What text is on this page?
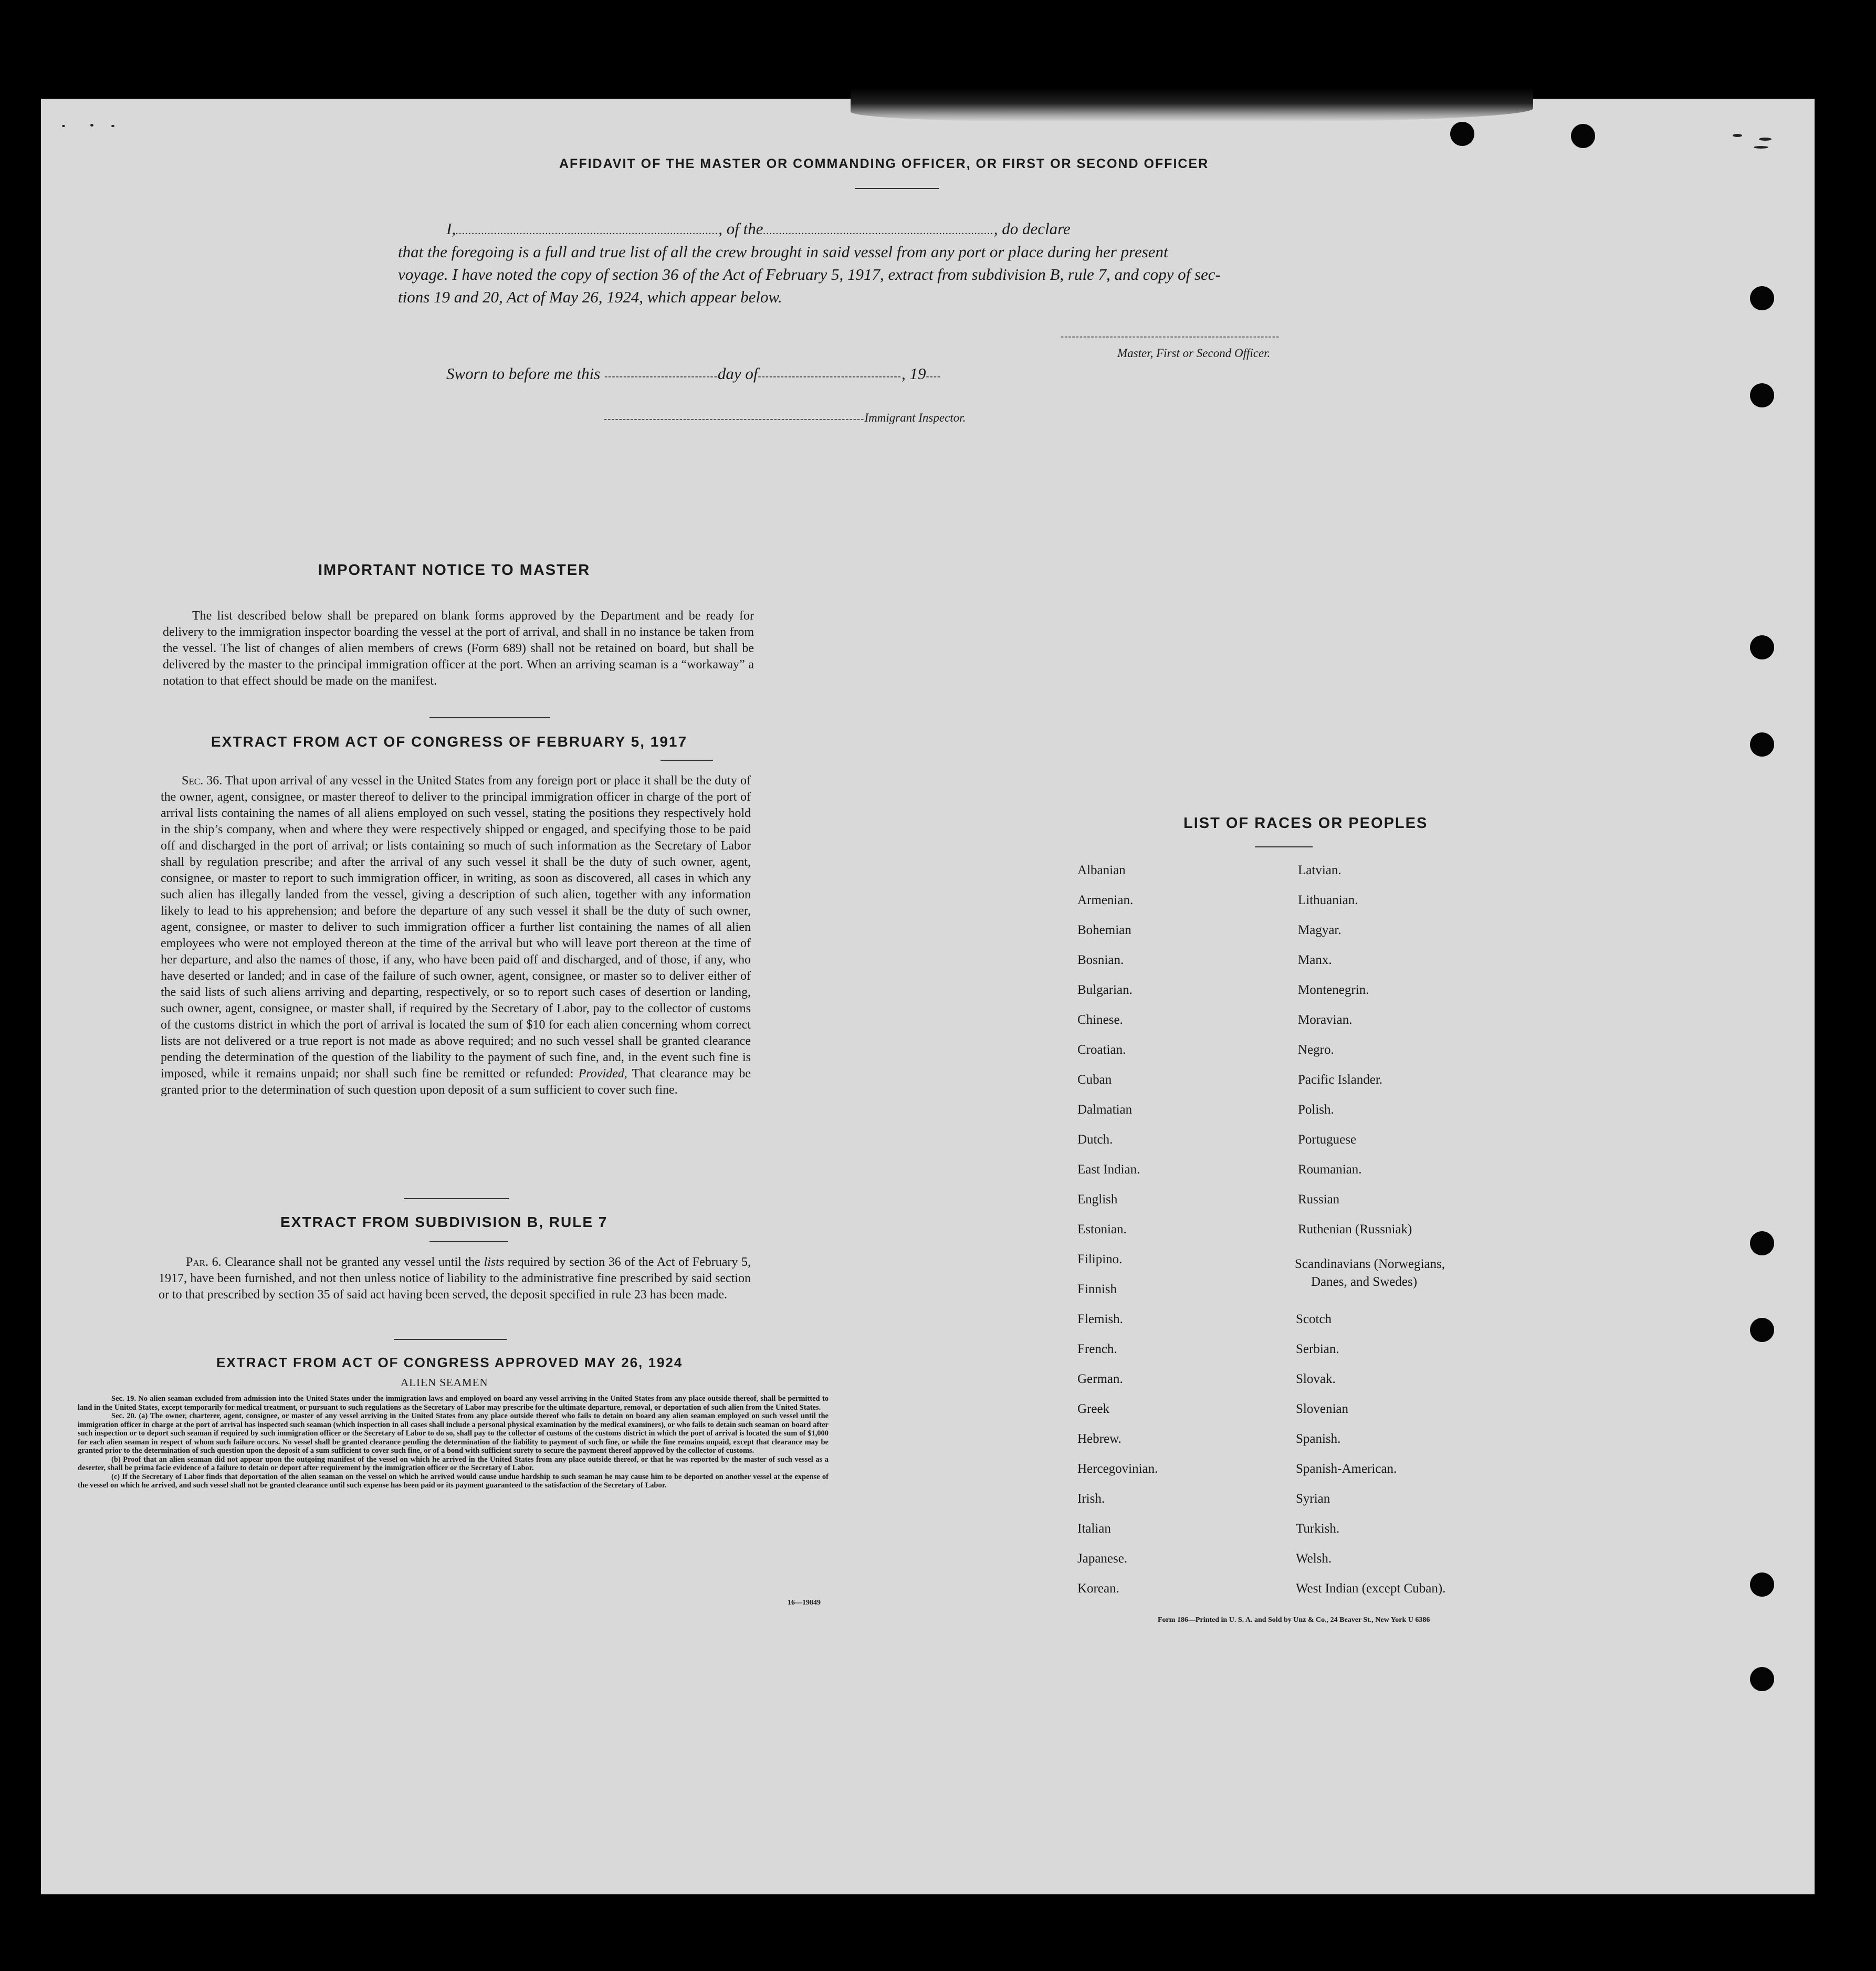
AFFIDAVIT OF THE MASTER OR COMMANDING OFFICER, OR FIRST OR SECOND OFFICER
I,.................................................................................., of the........................................................................, do declare
that the foregoing is a full and true list of all the crew brought in said vessel from any port or place during her present
voyage. I have noted the copy of section 36 of the Act of February 5, 1917, extract from subdivision B, rule 7, and copy of sec-
tions 19 and 20, Act of May 26, 1924, which appear below.
----------------------------------------------------------
Master, First or Second Officer.
Sworn to before me this ------------------------------day of--------------------------------------, 19----
---------------------------------------------------------------------Immigrant Inspector.
IMPORTANT NOTICE TO MASTER
The list described below shall be prepared on blank forms approved by the Department and be ready for delivery to the immigration inspector boarding the vessel at the port of arrival, and shall in no instance be taken from the vessel. The list of changes of alien members of crews (Form 689) shall not be retained on board, but shall be delivered by the master to the principal immigration officer at the port. When an arriving seaman is a “workaway” a notation to that effect should be made on the manifest.
EXTRACT FROM ACT OF CONGRESS OF FEBRUARY 5, 1917
Sec. 36. That upon arrival of any vessel in the United States from any foreign port or place it shall be the duty of the owner, agent, consignee, or master thereof to deliver to the principal immigration officer in charge of the port of arrival lists containing the names of all aliens employed on such vessel, stating the positions they respectively hold in the ship’s company, when and where they were respectively shipped or engaged, and specifying those to be paid off and discharged in the port of arrival; or lists containing so much of such information as the Secretary of Labor shall by regulation prescribe; and after the arrival of any such vessel it shall be the duty of such owner, agent, consignee, or master to report to such immigration officer, in writing, as soon as discovered, all cases in which any such alien has illegally landed from the vessel, giving a description of such alien, together with any information likely to lead to his apprehension; and before the departure of any such vessel it shall be the duty of such owner, agent, consignee, or master to deliver to such immigration officer a further list containing the names of all alien employees who were not employed thereon at the time of the arrival but who will leave port thereon at the time of her departure, and also the names of those, if any, who have been paid off and discharged, and of those, if any, who have deserted or landed; and in case of the failure of such owner, agent, consignee, or master so to deliver either of the said lists of such aliens arriving and departing, respectively, or so to report such cases of desertion or landing, such owner, agent, consignee, or master shall, if required by the Secretary of Labor, pay to the collector of customs of the customs district in which the port of arrival is located the sum of $10 for each alien concerning whom correct lists are not delivered or a true report is not made as above required; and no such vessel shall be granted clearance pending the determination of the question of the liability to the payment of such fine, and, in the event such fine is imposed, while it remains unpaid; nor shall such fine be remitted or refunded: Provided, That clearance may be granted prior to the determination of such question upon deposit of a sum sufficient to cover such fine.
EXTRACT FROM SUBDIVISION B, RULE 7
Par. 6. Clearance shall not be granted any vessel until the lists required by section 36 of the Act of February 5, 1917, have been furnished, and not then unless notice of liability to the administrative fine prescribed by said section or to that prescribed by section 35 of said act having been served, the deposit specified in rule 23 has been made.
EXTRACT FROM ACT OF CONGRESS APPROVED MAY 26, 1924
ALIEN SEAMEN
Sec. 19. No alien seaman excluded from admission into the United States under the immigration laws and employed on board any vessel arriving in the United States from any place outside thereof, shall be permitted to land in the United States, except temporarily for medical treatment, or pursuant to such regulations as the Secretary of Labor may prescribe for the ultimate departure, removal, or deportation of such alien from the United States.
Sec. 20. (a) The owner, charterer, agent, consignee, or master of any vessel arriving in the United States from any place outside thereof who fails to detain on board any alien seaman employed on such vessel until the immigration officer in charge at the port of arrival has inspected such seaman (which inspection in all cases shall include a personal physical examination by the medical examiners), or who fails to detain such seaman on board after such inspection or to deport such seaman if required by such immigration officer or the Secretary of Labor to do so, shall pay to the collector of customs of the customs district in which the port of arrival is located the sum of $1,000 for each alien seaman in respect of whom such failure occurs. No vessel shall be granted clearance pending the determination of the liability to payment of such fine, or while the fine remains unpaid, except that clearance may be granted prior to the determination of such question upon the deposit of a sum sufficient to cover such fine, or of a bond with sufficient surety to secure the payment thereof approved by the collector of customs.
(b) Proof that an alien seaman did not appear upon the outgoing manifest of the vessel on which he arrived in the United States from any place outside thereof, or that he was reported by the master of such vessel as a deserter, shall be prima facie evidence of a failure to detain or deport after requirement by the immigration officer or the Secretary of Labor.
(c) If the Secretary of Labor finds that deportation of the alien seaman on the vessel on which he arrived would cause undue hardship to such seaman he may cause him to be deported on another vessel at the expense of the vessel on which he arrived, and such vessel shall not be granted clearance until such expense has been paid or its payment guaranteed to the satisfaction of the Secretary of Labor.
16—19849
LIST OF RACES OR PEOPLES
Albanian
Armenian.
Bohemian
Bosnian.
Bulgarian.
Chinese.
Croatian.
Cuban
Dalmatian
Dutch.
East Indian.
English
Estonian.
Filipino.
Finnish
Flemish.
French.
German.
Greek
Hebrew.
Hercegovinian.
Irish.
Italian
Japanese.
Korean.
Latvian.
Lithuanian.
Magyar.
Manx.
Montenegrin.
Moravian.
Negro.
Pacific Islander.
Polish.
Portuguese
Roumanian.
Russian
Ruthenian (Russniak)
Scandinavians (Norwegians,
Danes, and Swedes)
Scotch
Serbian.
Slovak.
Slovenian
Spanish.
Spanish-American.
Syrian
Turkish.
Welsh.
West Indian (except Cuban).
Form 186—Printed in U. S. A. and Sold by Unz & Co., 24 Beaver St., New York U 6386
